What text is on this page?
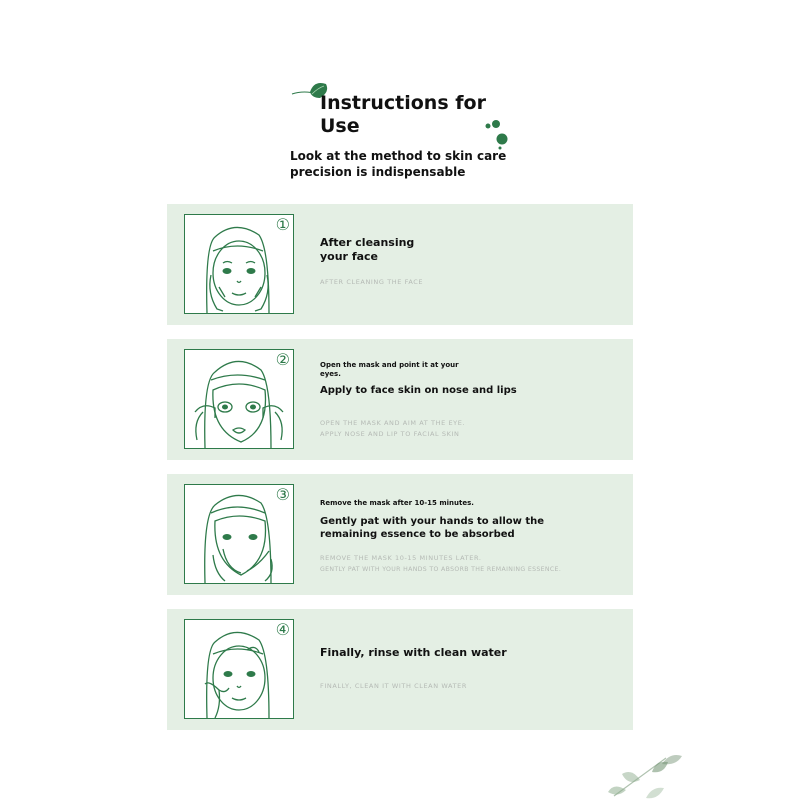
Instructions for Use

Look at the method to skin care precision is indispensable

①

After cleansing your face

AFTER CLEANING THE FACE

②	Open the mask and point it at your eyes.

Apply to face skin on nose and lips

OPEN THE MASK AND AIM AT THE EYE.

APPLY NOSE AND LIP TO FACIAL SKIN

③	Remove the mask after 10-15 minutes.

Gently pat with your hands to allow the remaining essence to be absorbed

REMOVE THE MASK 10-15 MINUTES LATER.

GENTLY PAT WITH YOUR HANDS TO ABSORB THE REMAINING ESSENCE.

④

Finally, rinse with clean water

FINALLY, CLEAN IT WITH CLEAN WATER
